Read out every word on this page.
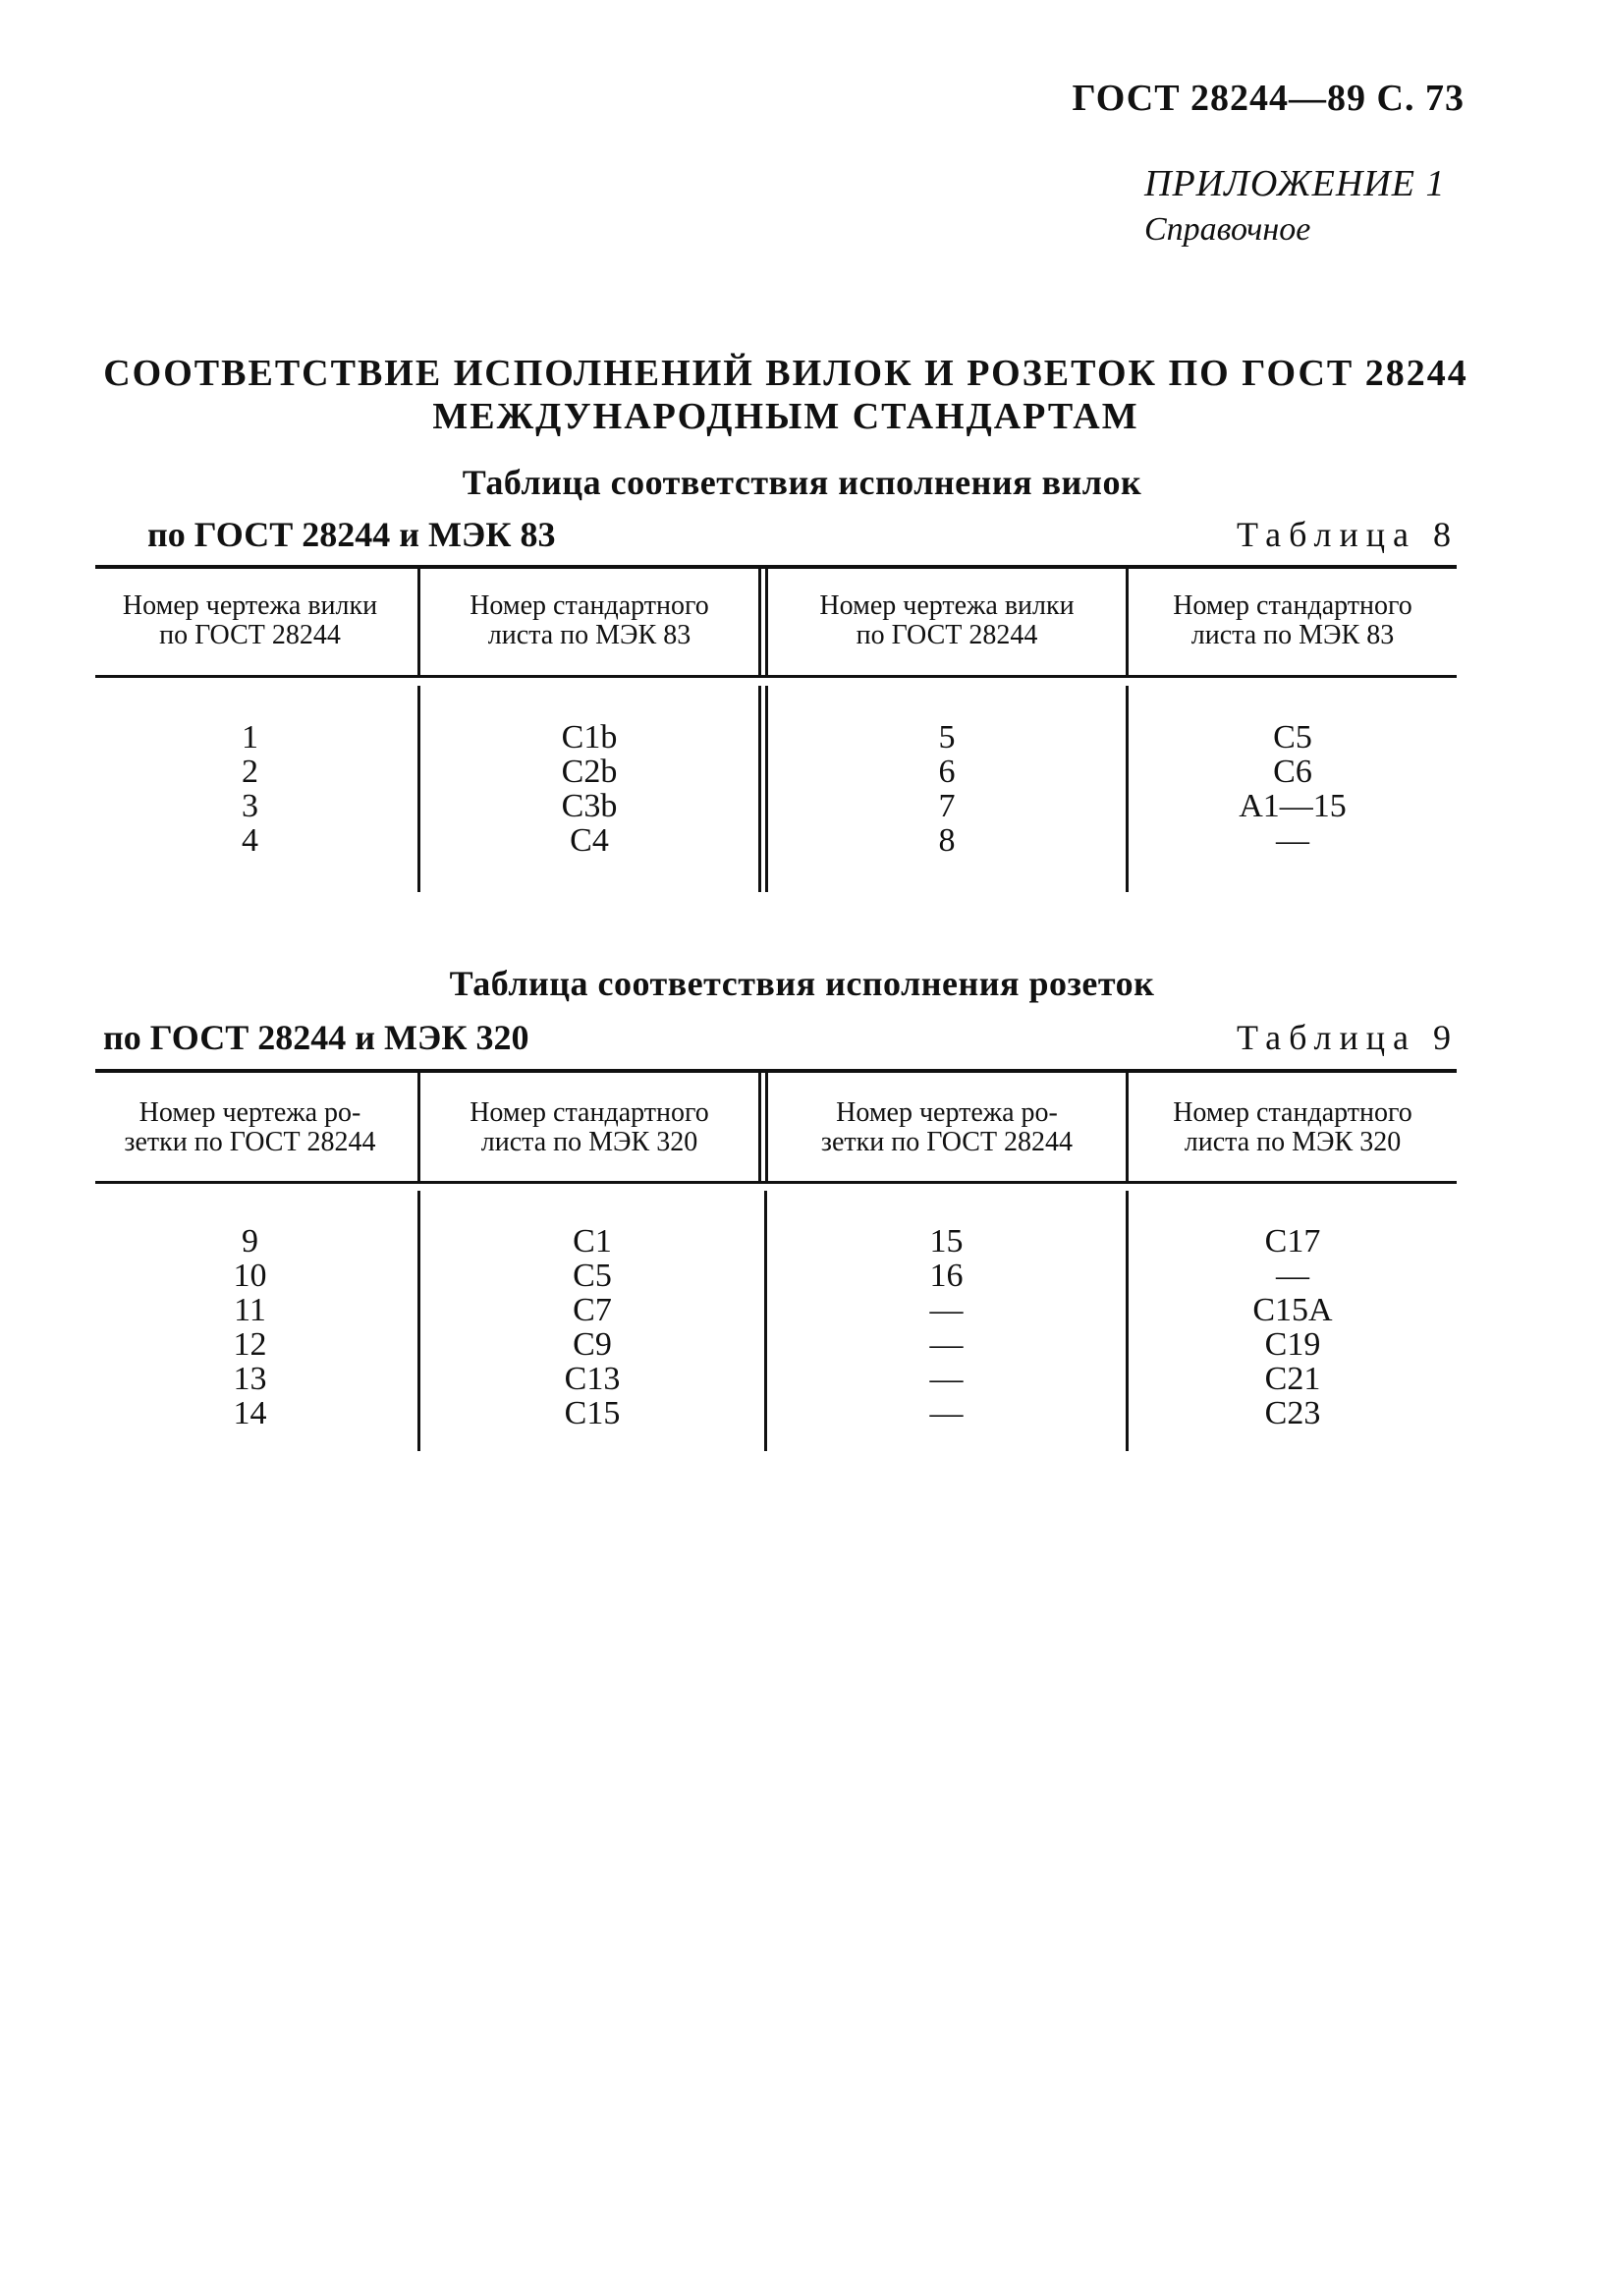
ГОСТ 28244—89 С. 73
ПРИЛОЖЕНИЕ 1
Справочное
СООТВЕТСТВИЕ ИСПОЛНЕНИЙ ВИЛОК И РОЗЕТОК ПО ГОСТ 28244
МЕЖДУНАРОДНЫМ СТАНДАРТАМ
Таблица соответствия исполнения вилок
по ГОСТ 28244 и МЭК 83	Таблица 8
Номер чертежа вилки
по ГОСТ 28244
Номер стандартного
листа по МЭК 83
Номер чертежа вилки
по ГОСТ 28244
Номер стандартного
листа по МЭК 83
1
2
3
4
C1b
C2b
C3b
C4
5
6
7
8
C5
C6
A1—15
—
Таблица соответствия исполнения розеток
по ГОСТ 28244 и МЭК 320	Таблица 9
Номер чертежа ро-
зетки по ГОСТ 28244
Номер стандартного
листа по МЭК 320
Номер чертежа ро-
зетки по ГОСТ 28244
Номер стандартного
листа по МЭК 320
9
10
11
12
13
14
C1
C5
C7
C9
C13
C15
15
16
—
—
—
—
C17
—
C15A
C19
C21
C23
